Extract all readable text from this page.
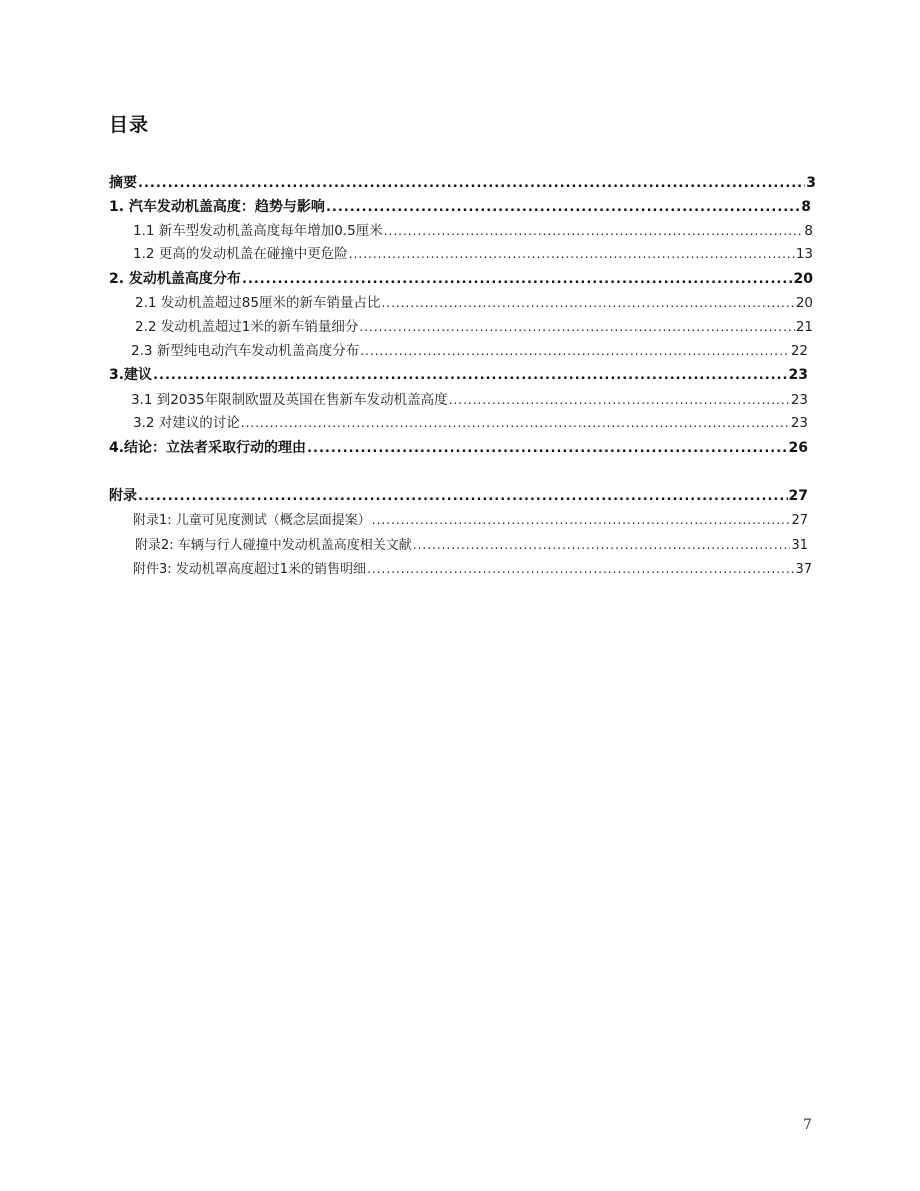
目录
摘要 .....	3
1. 汽车发动机盖高度：趋势与影响 .....	8
1.1 新车型发动机盖高度每年增加0.5厘米 .....	8
1.2 更高的发动机盖在碰撞中更危险 .....	13
2. 发动机盖高度分布 .....	20
2.1 发动机盖超过85厘米的新车销量占比 .....	20
2.2 发动机盖超过1米的新车销量细分 .....	21
2.3 新型纯电动汽车发动机盖高度分布 .....	22
3.建议 .....	23
3.1 到2035年限制欧盟及英国在售新车发动机盖高度 .....	23
3.2 对建议的讨论 .....	23
4.结论：立法者采取行动的理由 .....	26
附录 .....	27
附录1: 儿童可见度测试（概念层面提案） .....	27
附录2: 车辆与行人碰撞中发动机盖高度相关文献 .....	31
附件3: 发动机罩高度超过1米的销售明细 .....	37
7
